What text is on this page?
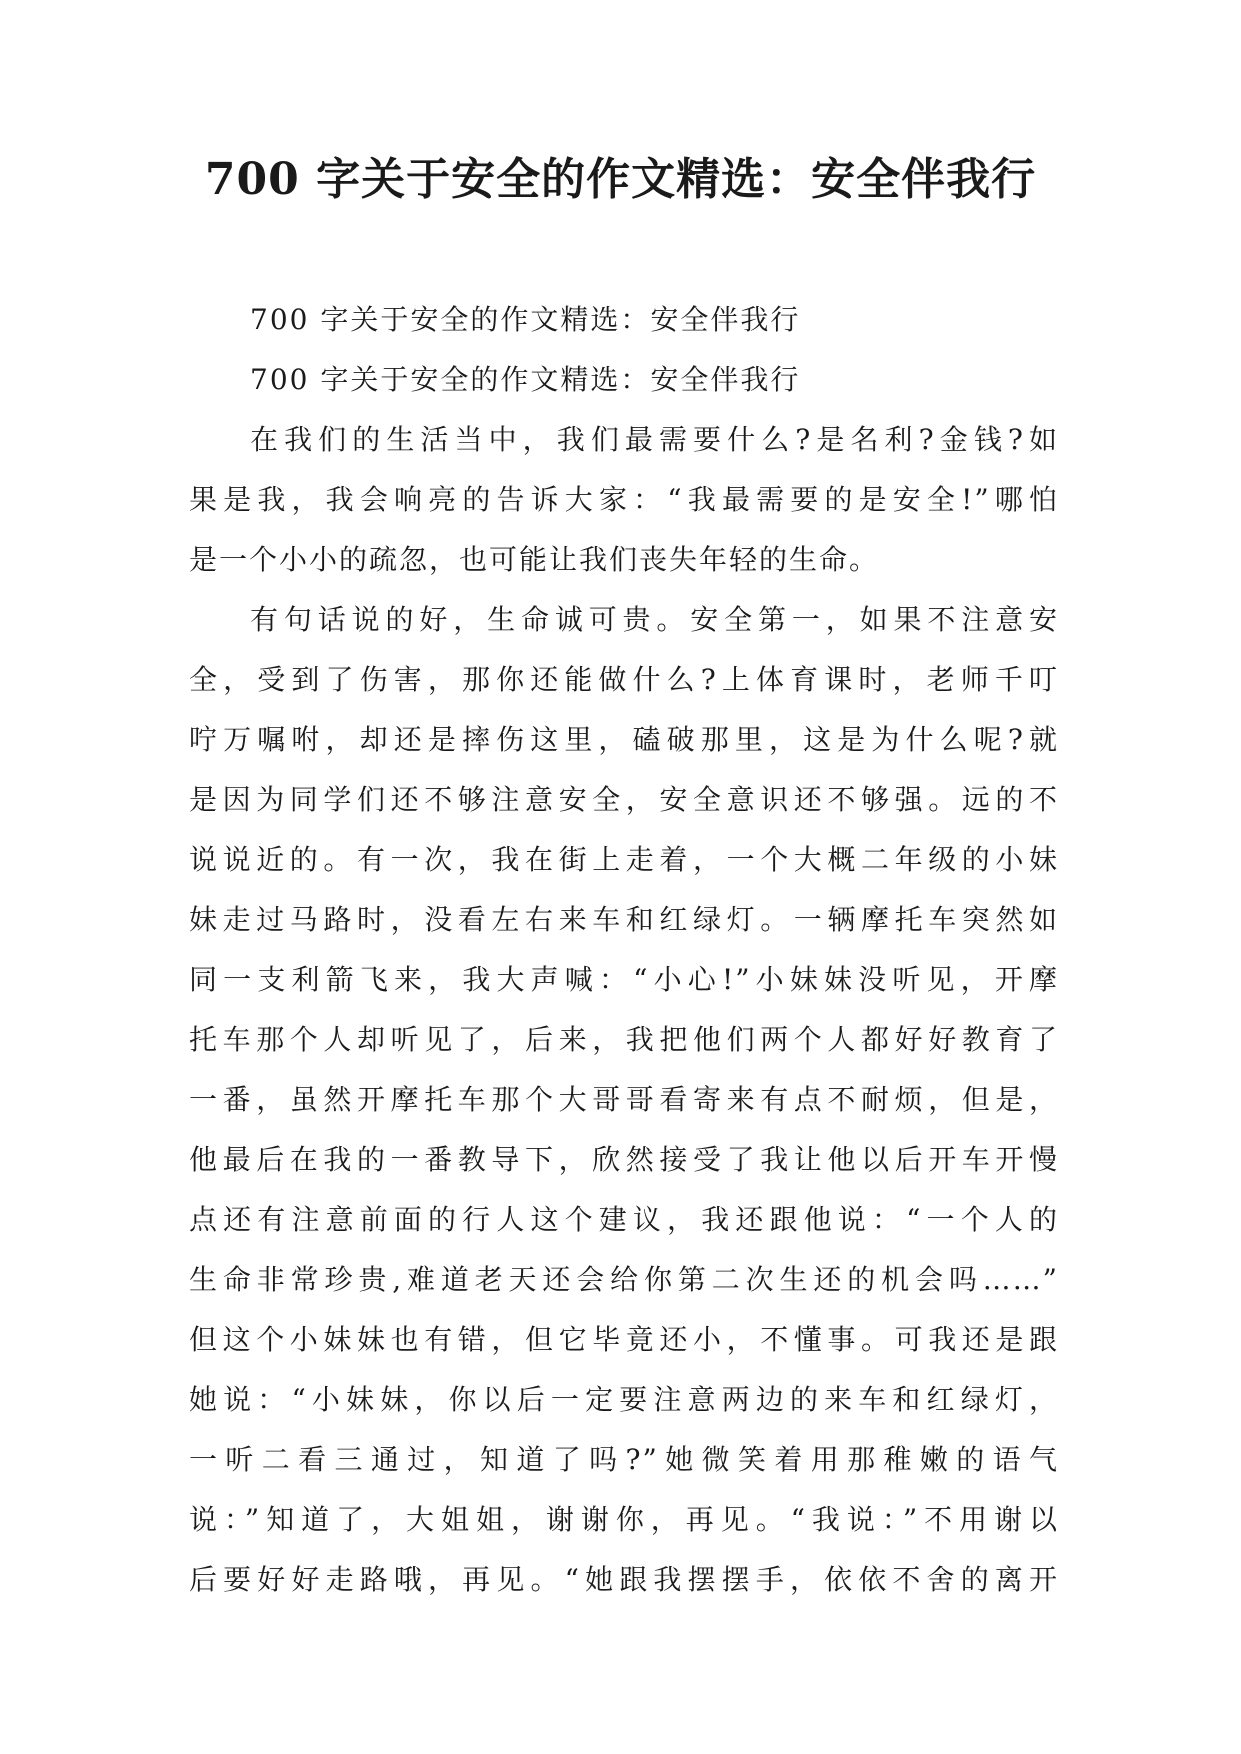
700 字关于安全的作文精选：安全伴我行

700 字关于安全的作文精选：安全伴我行

700 字关于安全的作文精选：安全伴我行

在我们的生活当中，我们最需要什么?是名利?金钱?如
果是我，我会响亮的告诉大家：“我最需要的是安全!”哪怕
是一个小小的疏忽，也可能让我们丧失年轻的生命。

有句话说的好，生命诚可贵。安全第一，如果不注意安
全，受到了伤害，那你还能做什么?上体育课时，老师千叮
咛万嘱咐，却还是摔伤这里，磕破那里，这是为什么呢?就
是因为同学们还不够注意安全，安全意识还不够强。远的不
说说近的。有一次，我在街上走着，一个大概二年级的小妹
妹走过马路时，没看左右来车和红绿灯。一辆摩托车突然如
同一支利箭飞来，我大声喊：“小心!”小妹妹没听见，开摩
托车那个人却听见了，后来，我把他们两个人都好好教育了
一番，虽然开摩托车那个大哥哥看寄来有点不耐烦，但是，
他最后在我的一番教导下，欣然接受了我让他以后开车开慢
点还有注意前面的行人这个建议，我还跟他说：“一个人的
生命非常珍贵,难道老天还会给你第二次生还的机会吗……”
但这个小妹妹也有错，但它毕竟还小，不懂事。可我还是跟
她说：“小妹妹，你以后一定要注意两边的来车和红绿灯，
一听二看三通过，知道了吗?”她微笑着用那稚嫩的语气
说：”知道了，大姐姐，谢谢你，再见。“我说：”不用谢以
后要好好走路哦，再见。“她跟我摆摆手，依依不舍的离开
